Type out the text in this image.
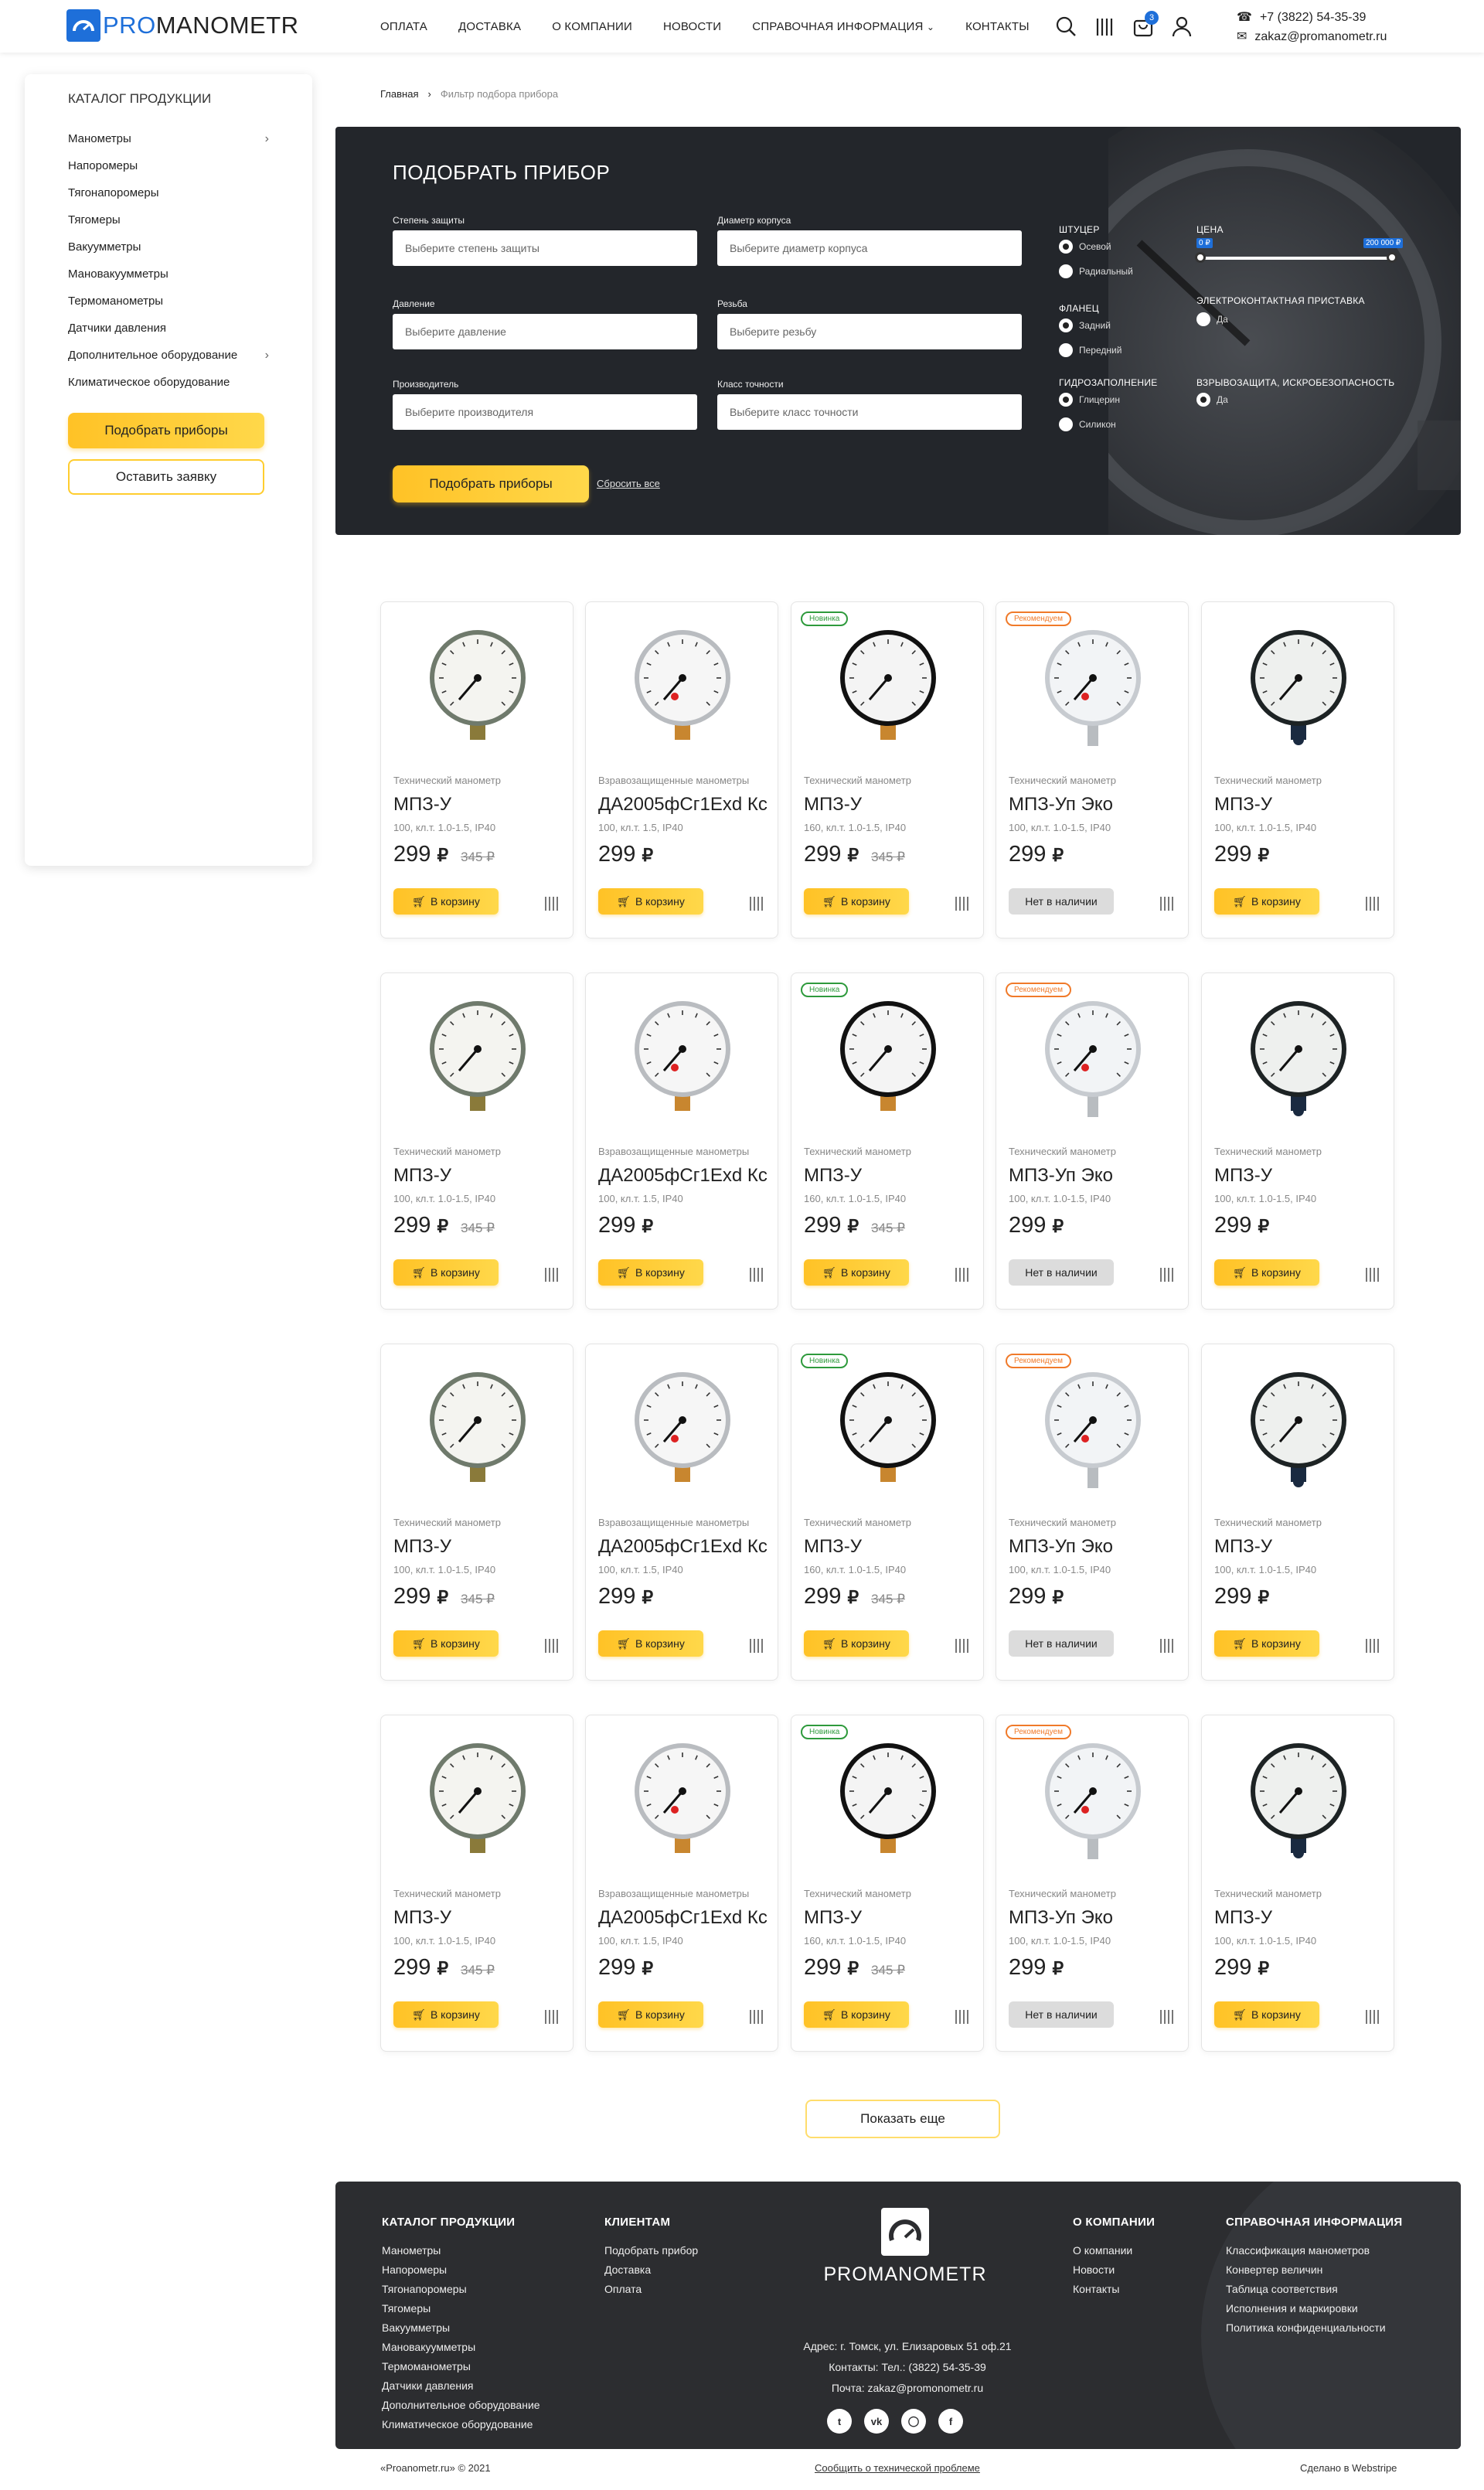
PROMANOMETR	ОПЛАТА	ДОСТАВКА	О КОМПАНИИ	НОВОСТИ	СПРАВОЧНАЯ ИНФОРМАЦИЯ ⌄	КОНТАКТЫ
3	☎ +7 (3822) 54-35-39
✉ zakaz@promanometr.ru
КАТАЛОГ ПРОДУКЦИИ
Манометры	›
Напоромеры
Тягонапоромеры
Тягомеры
Вакуумметры
Мановакуумметры
Термоманометры
Датчики давления
Дополнительное оборудование ›
Климатическое оборудование
Подобрать приборы
Оставить заявку
Главная › Фильтр подбора прибора
ПОДОБРАТЬ ПРИБОР
Степень защиты
Выберите степень защиты
Диаметр корпуса
Выберите диаметр корпуса
Давление
Выберите давление
Резьба
Выберите резьбу
Производитель
Выберите производителя
Класс точности
Выберите класс точности
ШТУЦЕР
Осевой
Радиальный
ФЛАНЕЦ
Задний
Передний
ГИДРОЗАПОЛНЕНИЕ
Глицерин
Силикон
ЦЕНА
0 ₽	200 000 ₽
ЭЛЕКТРОКОНТАКТНАЯ ПРИСТАВКА
Да
ВЗРЫВОЗАЩИТА, ИСКРОБЕЗОПАСНОСТЬ
Да
Подобрать приборы	Сбросить все
Технический манометр
МПЗ-У
100, кл.т. 1.0-1.5, IP40
299 ₽ 345 ₽
🛒︎ В корзину
Взравозащищенные манометры
ДА2005фСг1Exd Кс
100, кл.т. 1.5, IP40
299 ₽
🛒︎ В корзину
Новинка
Технический манометр
МПЗ-У
160, кл.т. 1.0-1.5, IP40
299 ₽ 345 ₽
🛒︎ В корзину
Рекомендуем
Технический манометр
МПЗ-Уп Эко
100, кл.т. 1.0-1.5, IP40
299 ₽
Нет в наличии
Технический манометр
МПЗ-У
100, кл.т. 1.0-1.5, IP40
299 ₽
🛒︎ В корзину
Технический манометр
МПЗ-У
100, кл.т. 1.0-1.5, IP40
299 ₽ 345 ₽
🛒︎ В корзину
Взравозащищенные манометры
ДА2005фСг1Exd Кс
100, кл.т. 1.5, IP40
299 ₽
🛒︎ В корзину
Новинка
Технический манометр
МПЗ-У
160, кл.т. 1.0-1.5, IP40
299 ₽ 345 ₽
🛒︎ В корзину
Рекомендуем
Технический манометр
МПЗ-Уп Эко
100, кл.т. 1.0-1.5, IP40
299 ₽
Нет в наличии
Технический манометр
МПЗ-У
100, кл.т. 1.0-1.5, IP40
299 ₽
🛒︎ В корзину
Технический манометр
МПЗ-У
100, кл.т. 1.0-1.5, IP40
299 ₽ 345 ₽
🛒︎ В корзину
Взравозащищенные манометры
ДА2005фСг1Exd Кс
100, кл.т. 1.5, IP40
299 ₽
🛒︎ В корзину
Новинка
Технический манометр
МПЗ-У
160, кл.т. 1.0-1.5, IP40
299 ₽ 345 ₽
🛒︎ В корзину
Рекомендуем
Технический манометр
МПЗ-Уп Эко
100, кл.т. 1.0-1.5, IP40
299 ₽
Нет в наличии
Технический манометр
МПЗ-У
100, кл.т. 1.0-1.5, IP40
299 ₽
🛒︎ В корзину
Технический манометр
МПЗ-У
100, кл.т. 1.0-1.5, IP40
299 ₽ 345 ₽
🛒︎ В корзину
Взравозащищенные манометры
ДА2005фСг1Exd Кс
100, кл.т. 1.5, IP40
299 ₽
🛒︎ В корзину
Новинка
Технический манометр
МПЗ-У
160, кл.т. 1.0-1.5, IP40
299 ₽ 345 ₽
🛒︎ В корзину
Рекомендуем
Технический манометр
МПЗ-Уп Эко
100, кл.т. 1.0-1.5, IP40
299 ₽
Нет в наличии
Технический манометр
МПЗ-У
100, кл.т. 1.0-1.5, IP40
299 ₽
🛒︎ В корзину
Показать еще
КАТАЛОГ ПРОДУКЦИИ
Манометры
Напоромеры
Тягонапоромеры
Тягомеры
Вакуумметры
Мановакуумметры
Термоманометры
Датчики давления
Дополнительное оборудование
Климатическое оборудование
КЛИЕНТАМ
Подобрать прибор
Доставка
Оплата
PROMANOMETR
Адрес: г. Томск, ул. Елизаровых 51 оф.21
Контакты: Тел.: (3822) 54-35-39
Почта: zakaz@promonometr.ru
t	vk	◯	f
О КОМПАНИИ
О компании
Новости
Контакты
СПРАВОЧНАЯ ИНФОРМАЦИЯ
Классификация манометров
Конвертер величин
Таблица соответствия
Исполнения и маркировки
Политика конфиденциальности
«Proanometr.ru» © 2021	Сообщить о технической проблеме	Сделано в Webstripe
